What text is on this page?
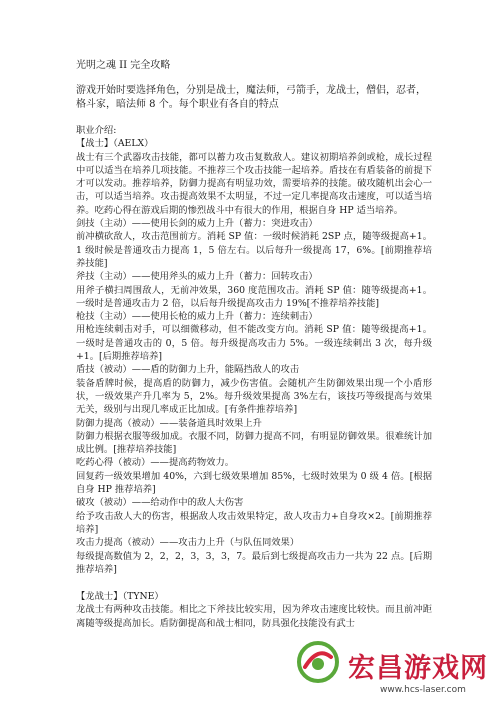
光明之魂 II 完全攻略
游戏开始时要选择角色，分别是战士，魔法师，弓箭手，龙战士，僧侣，忍者，格斗家，暗法师 8 个。每个职业有各自的特点

职业介绍:

【战士】（AELX）

战士有三个武器攻击技能，都可以蓄力攻击复数敌人。建议初期培养剑或枪，成长过程中可以适当在培养几项技能。不推荐三个攻击技能一起培养。盾技在有盾装备的前提下才可以发动。推荐培养，防御力提高有明显功效，需要培养的技能。破攻随机出会心一击，可以适当培养。攻击提高效果不太明显，不过一定几率提高攻击速度，可以适当培养。吃药心得在游戏后期的惨烈战斗中有很大的作用，根据自身 HP 适当培养。

剑技（主动）——使用长剑的威力上升（蓄力：突进攻击）

前冲横砍敌人，攻击范围前方。消耗 SP 值：一级时候消耗 2SP 点，随等级提高+1。 1 级时候是普通攻击力提高 1，5 倍左右。以后每升一级提高 17，6%。[前期推荐培养技能]

斧技（主动）——使用斧头的威力上升（蓄力：回转攻击）

用斧子横扫周围敌人，无前冲效果，360 度范围攻击。消耗 SP 值：随等级提高+1。一级时是普通攻击力 2 倍，以后每升级提高攻击力 19%[不推荐培养技能]

枪技（主动）——使用长枪的威力上升（蓄力：连续刺击）

用枪连续刺击对手，可以细微移动，但不能改变方向。消耗 SP 值：随等级提高+1。一级时是普通攻击的 0，5 倍。每升级提高攻击力 5%。一级连续刺出 3 次，每升级+1。[后期推荐培养]

盾技（被动）——盾的防御力上升，能隔挡敌人的攻击

装备盾牌时候，提高盾的防御力，减少伤害值。会随机产生防御效果出现一个小盾形状，一级效果产升几率为 5，2%。每升级效果提高 3%左右，该技巧等级提高与效果无关，级别与出现几率成正比加成。[有条件推荐培养]

防御力提高（被动）——装备道具时效果上升

防御力根据衣服等级加成。衣服不同，防御力提高不同，有明显防御效果。很难统计加成比例。[推荐培养技能]

吃药心得（被动）——提高药物效力。

回复药一级效果增加 40%，六到七级效果增加 85%，七级时效果为 0 级 4 倍。[根据自身 HP 推荐培养]

破攻（被动）——给动作中的敌人大伤害

给予攻击敌人大的伤害，根据敌人攻击效果特定，敌人攻击力+自身攻×2。[前期推荐培养]

攻击力提高（被动）——攻击力上升（与队伍同效果）

每级提高数值为 2，2，2，3，3，3，7。最后到七级提高攻击力一共为 22 点。[后期推荐培养]

【龙战士】（TYNE）

龙战士有两种攻击技能。相比之下斧技比较实用，因为斧攻击速度比较快。而且前冲距离随等级提高加长。盾防御提高和战士相同，防具强化技能没有武士

宏昌游戏网
www.hcs-laser.com
